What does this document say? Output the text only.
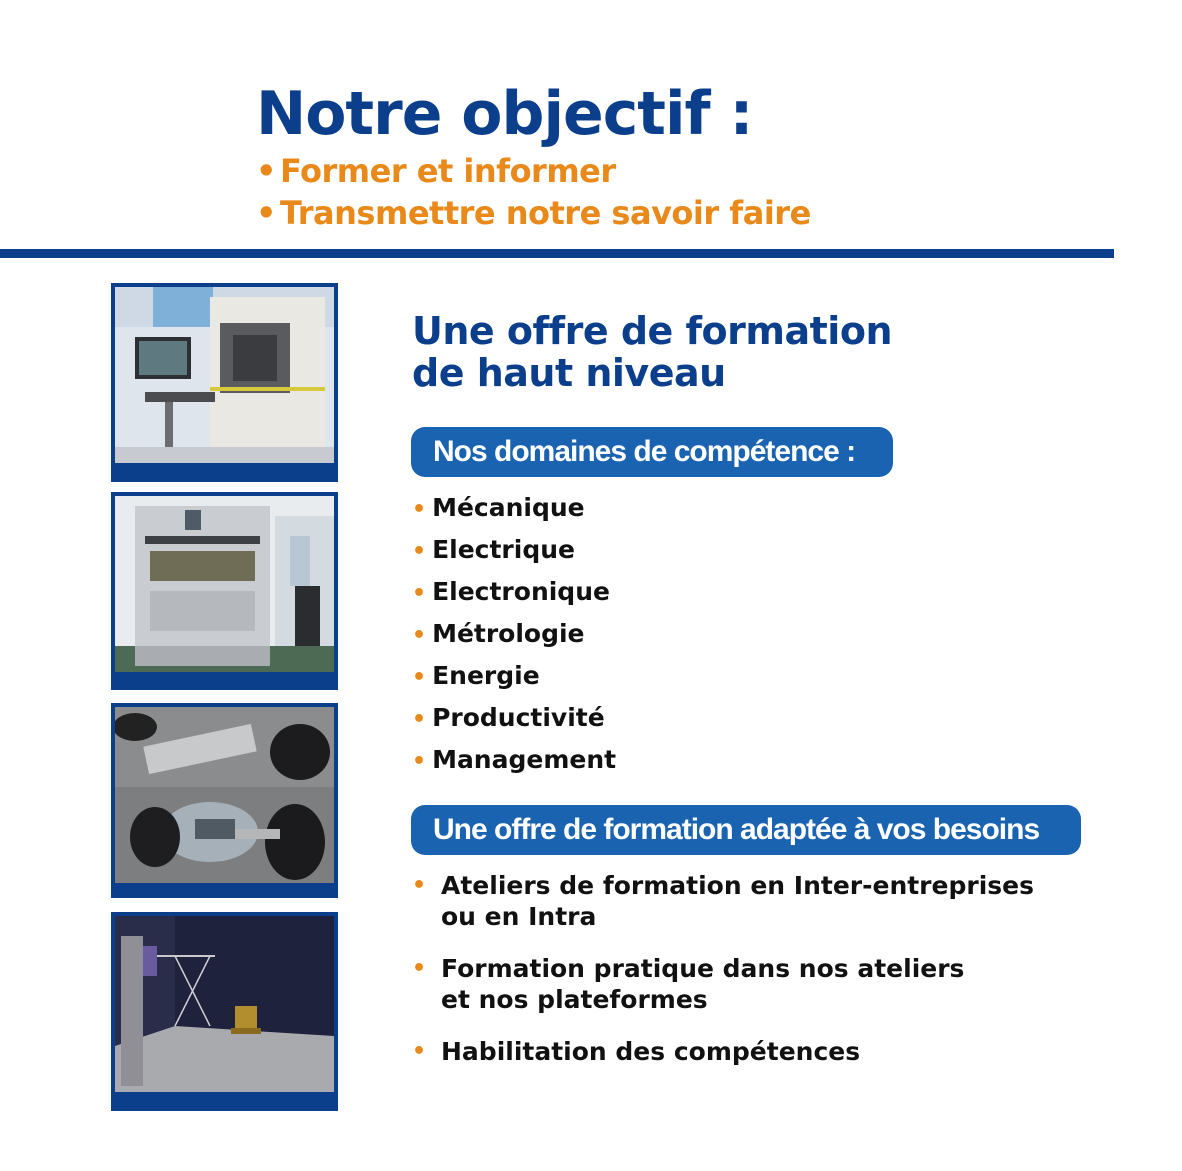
Notre objectif :
• Former et informer
• Transmettre notre savoir faire
Une offre de formation
de haut niveau
Nos domaines de compétence :
• Mécanique
• Electrique
• Electronique
• Métrologie
• Energie
• Productivité
• Management
Une offre de formation adaptée à vos besoins
• Ateliers de formation en Inter-entreprises
ou en Intra
• Formation pratique dans nos ateliers
et nos plateformes
• Habilitation des compétences
